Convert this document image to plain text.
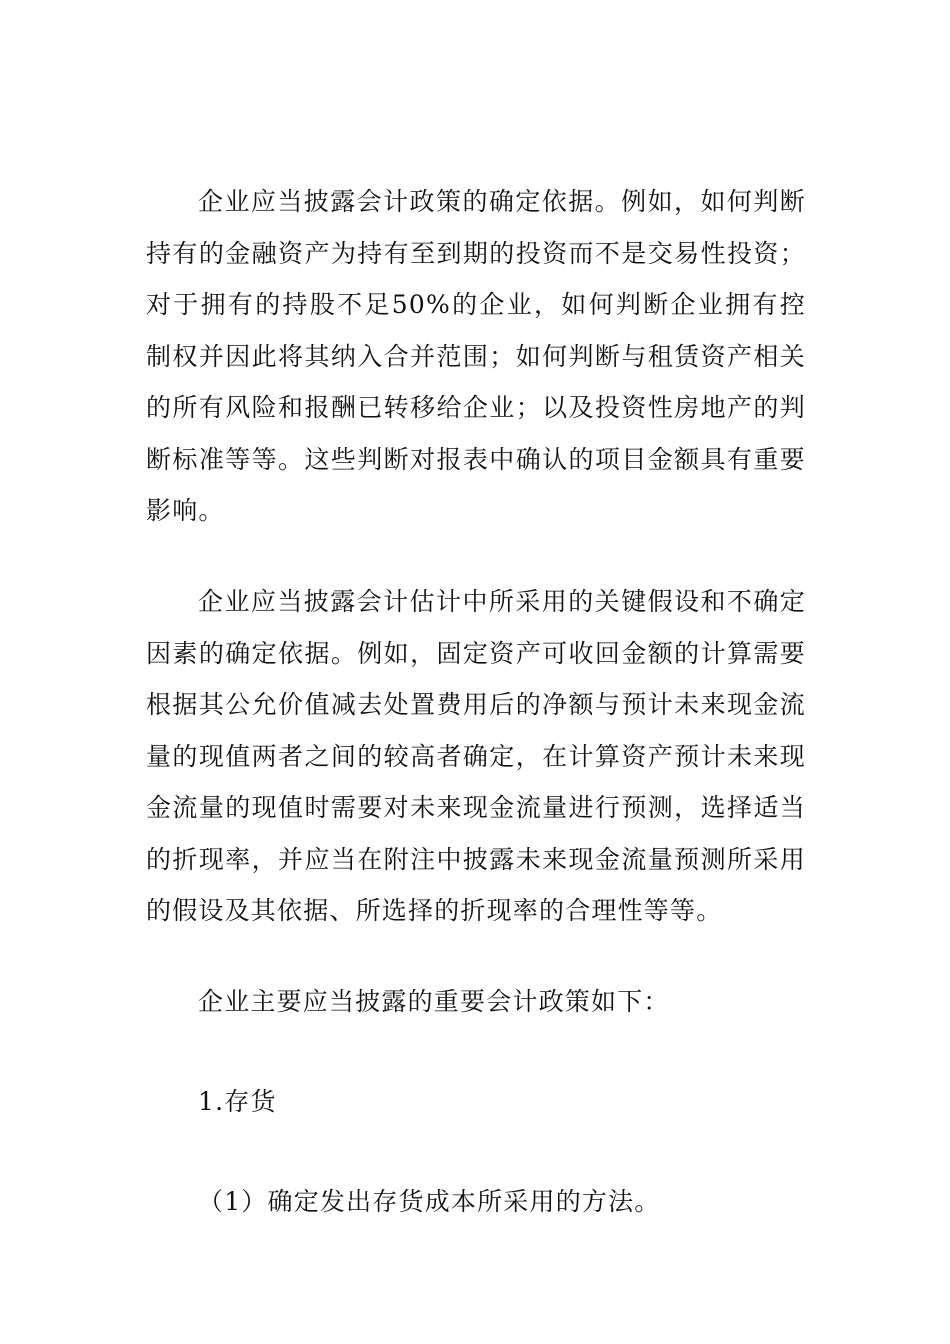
企业应当披露会计政策的确定依据。例如，如何判断持有的金融资产为持有至到期的投资而不是交易性投资；对于拥有的持股不足50%的企业，如何判断企业拥有控制权并因此将其纳入合并范围；如何判断与租赁资产相关的所有风险和报酬已转移给企业；以及投资性房地产的判断标准等等。这些判断对报表中确认的项目金额具有重要影响。

企业应当披露会计估计中所采用的关键假设和不确定因素的确定依据。例如，固定资产可收回金额的计算需要根据其公允价值减去处置费用后的净额与预计未来现金流量的现值两者之间的较高者确定，在计算资产预计未来现金流量的现值时需要对未来现金流量进行预测，选择适当的折现率，并应当在附注中披露未来现金流量预测所采用的假设及其依据、所选择的折现率的合理性等等。

企业主要应当披露的重要会计政策如下：

1.存货

（1）确定发出存货成本所采用的方法。
